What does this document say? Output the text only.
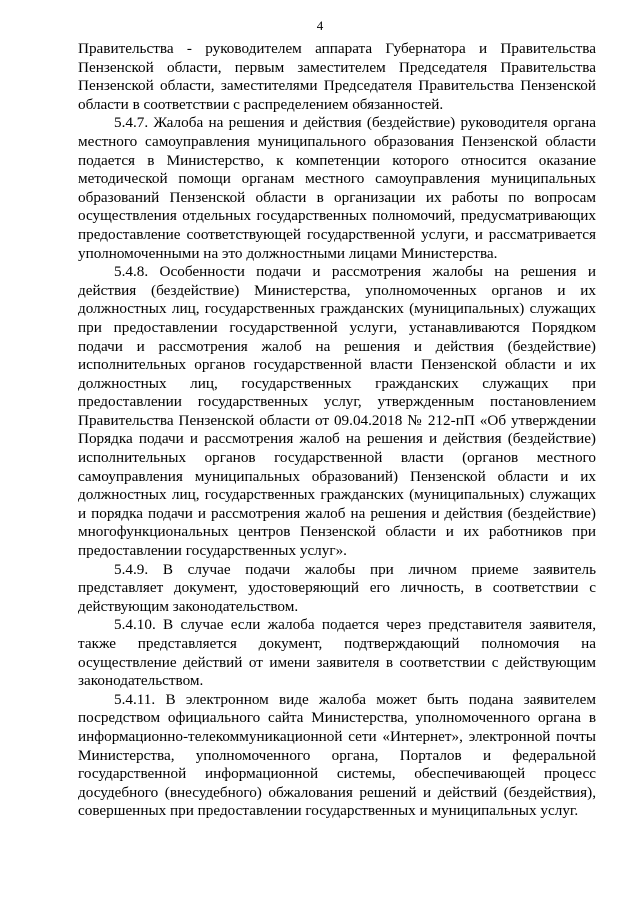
4

Правительства - руководителем аппарата Губернатора и Правительства Пензенской области, первым заместителем Председателя Правительства Пензенской области, заместителями Председателя Правительства Пензенской области в соответствии с распределением обязанностей.

5.4.7. Жалоба на решения и действия (бездействие) руководителя органа местного самоуправления муниципального образования Пензенской области подается в Министерство, к компетенции которого относится оказание методической помощи органам местного самоуправления муниципальных образований Пензенской области в организации их работы по вопросам осуществления отдельных государственных полномочий, предусматривающих предоставление соответствующей государственной услуги, и рассматривается уполномоченными на это должностными лицами Министерства.

5.4.8. Особенности подачи и рассмотрения жалобы на решения и действия (бездействие) Министерства, уполномоченных органов и их должностных лиц, государственных гражданских (муниципальных) служащих при предоставлении государственной услуги, устанавливаются Порядком подачи и рассмотрения жалоб на решения и действия (бездействие) исполнительных органов государственной власти Пензенской области и их должностных лиц, государственных гражданских служащих при предоставлении государственных услуг, утвержденным постановлением Правительства Пензенской области от 09.04.2018 № 212-пП «Об утверждении Порядка подачи и рассмотрения жалоб на решения и действия (бездействие) исполнительных органов государственной власти (органов местного самоуправления муниципальных образований) Пензенской области и их должностных лиц, государственных гражданских (муниципальных) служащих и порядка подачи и рассмотрения жалоб на решения и действия (бездействие) многофункциональных центров Пензенской области и их работников при предоставлении государственных услуг».

5.4.9. В случае подачи жалобы при личном приеме заявитель представляет документ, удостоверяющий его личность, в соответствии с действующим законодательством.

5.4.10. В случае если жалоба подается через представителя заявителя, также представляется документ, подтверждающий полномочия на осуществление действий от имени заявителя в соответствии с действующим законодательством.

5.4.11. В электронном виде жалоба может быть подана заявителем посредством официального сайта Министерства, уполномоченного органа в информационно-телекоммуникационной сети «Интернет», электронной почты Министерства, уполномоченного органа, Порталов и федеральной государственной информационной системы, обеспечивающей процесс досудебного (внесудебного) обжалования решений и действий (бездействия), совершенных при предоставлении государственных и муниципальных услуг.
